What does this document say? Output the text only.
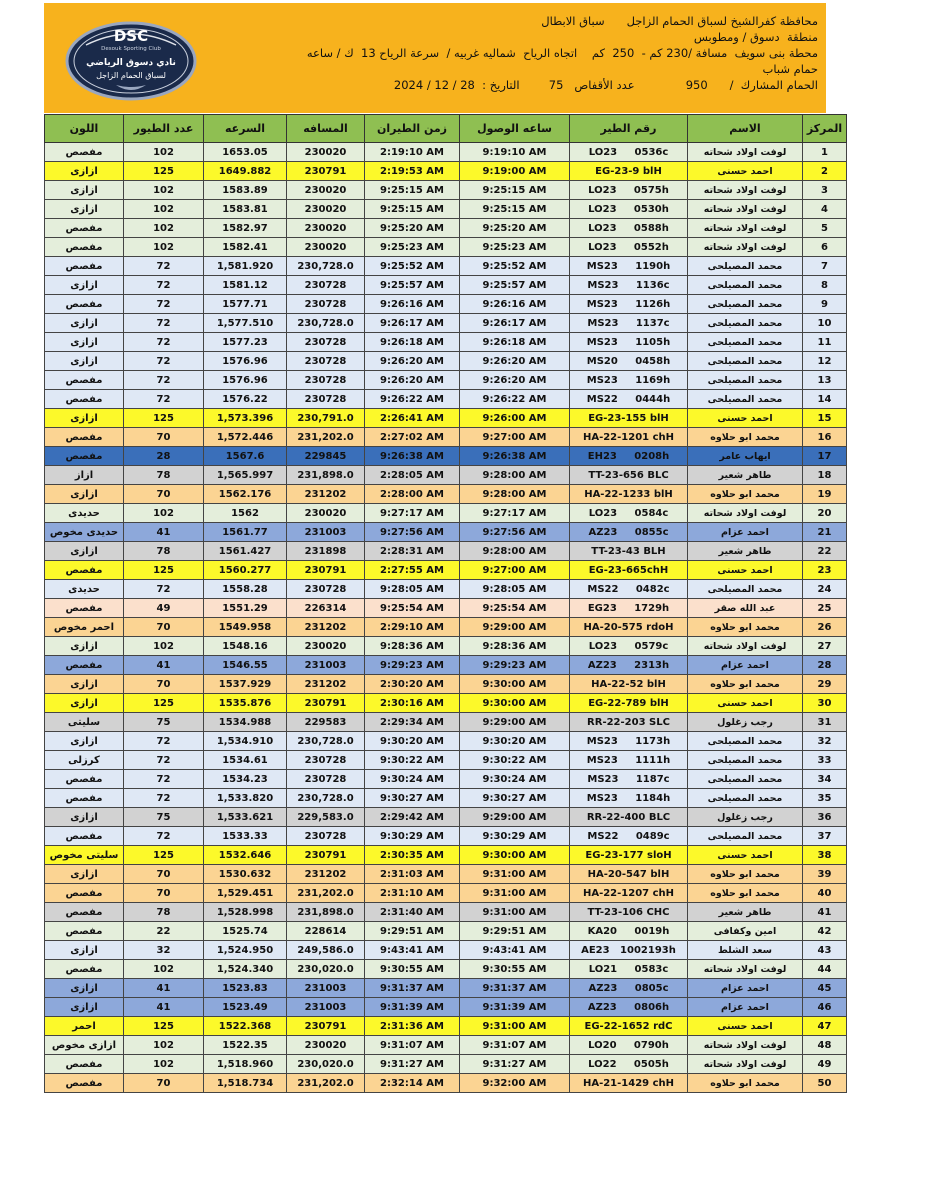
DSC
Desouk Sporting Club
نادي دسوق الرياضي
لسباق الحمام الزاجل
محافظة كفرالشيخ لسباق الحمام الزاجل      سباق الابطال
منطقة  دسوق / ومطوبس
محطة بنى سويف  مسافة /230 كم -  250  كم    اتجاه الرياح  شماليه غربيه /  سرعة الرياح 13  ك / ساعه
حمام شباب
الحمام المشارك  /      950              عدد الأقفاص   75        التاريخ :  28 / 12 / 2024
اللون	عدد الطيور	السرعه	المسافه	زمن الطيران	ساعه الوصول	رقم الطير	الاسم	المركز
مفصص	102	1653.05	230020	2:19:10 AM	9:19:10 AM	LO23     0536c	لوفت اولاد شحاته	1
ازازى	125	1649.882	230791	2:19:53 AM	9:19:00 AM	EG-23-9 blH	احمد حسنى	2
ازازى	102	1583.89	230020	9:25:15 AM	9:25:15 AM	LO23     0575h	لوفت اولاد شحاته	3
ازازى	102	1583.81	230020	9:25:15 AM	9:25:15 AM	LO23     0530h	لوفت اولاد شحاته	4
مفصص	102	1582.97	230020	9:25:20 AM	9:25:20 AM	LO23     0588h	لوفت اولاد شحاته	5
مفصص	102	1582.41	230020	9:25:23 AM	9:25:23 AM	LO23     0552h	لوفت اولاد شحاته	6
مفصص	72	1,581.920	230,728.0	9:25:52 AM	9:25:52 AM	MS23     1190h	محمد المصيلحى	7
ازازى	72	1581.12	230728	9:25:57 AM	9:25:57 AM	MS23     1136c	محمد المصيلحى	8
مفصص	72	1577.71	230728	9:26:16 AM	9:26:16 AM	MS23     1126h	محمد المصيلحى	9
ازازى	72	1,577.510	230,728.0	9:26:17 AM	9:26:17 AM	MS23     1137c	محمد المصيلحى	10
ازازى	72	1577.23	230728	9:26:18 AM	9:26:18 AM	MS23     1105h	محمد المصيلحى	11
ازازى	72	1576.96	230728	9:26:20 AM	9:26:20 AM	MS20     0458h	محمد المصيلحى	12
مفصص	72	1576.96	230728	9:26:20 AM	9:26:20 AM	MS23     1169h	محمد المصيلحى	13
مفصص	72	1576.22	230728	9:26:22 AM	9:26:22 AM	MS22     0444h	محمد المصيلحى	14
ازازى	125	1,573.396	230,791.0	2:26:41 AM	9:26:00 AM	EG-23-155 blH	احمد حسنى	15
مفصص	70	1,572.446	231,202.0	2:27:02 AM	9:27:00 AM	HA-22-1201 chH	محمد ابو حلاوه	16
مفصص	28	1567.6	229845	9:26:38 AM	9:26:38 AM	EH23     0208h	ايهاب عامر	17
ازاز	78	1,565.997	231,898.0	2:28:05 AM	9:28:00 AM	TT-23-656 BLC	طاهر شعير	18
ازازى	70	1562.176	231202	2:28:00 AM	9:28:00 AM	HA-22-1233 blH	محمد ابو حلاوه	19
حديدى	102	1562	230020	9:27:17 AM	9:27:17 AM	LO23     0584c	لوفت اولاد شحاته	20
حديدى مخوص	41	1561.77	231003	9:27:56 AM	9:27:56 AM	AZ23     0855c	احمد عزام	21
ازازى	78	1561.427	231898	2:28:31 AM	9:28:00 AM	TT-23-43 BLH	طاهر شعير	22
مفصص	125	1560.277	230791	2:27:55 AM	9:27:00 AM	EG-23-665chH	احمد حسنى	23
حديدى	72	1558.28	230728	9:28:05 AM	9:28:05 AM	MS22     0482c	محمد المصيلحى	24
مفصص	49	1551.29	226314	9:25:54 AM	9:25:54 AM	EG23     1729h	عبد الله صقر	25
احمر مخوص	70	1549.958	231202	2:29:10 AM	9:29:00 AM	HA-20-575 rdoH	محمد ابو حلاوه	26
ازازى	102	1548.16	230020	9:28:36 AM	9:28:36 AM	LO23     0579c	لوفت اولاد شحاته	27
مفصص	41	1546.55	231003	9:29:23 AM	9:29:23 AM	AZ23     2313h	احمد عزام	28
ازازى	70	1537.929	231202	2:30:20 AM	9:30:00 AM	HA-22-52 blH	محمد ابو حلاوه	29
ازازى	125	1535.876	230791	2:30:16 AM	9:30:00 AM	EG-22-789 blH	احمد حسنى	30
سليتى	75	1534.988	229583	2:29:34 AM	9:29:00 AM	RR-22-203 SLC	رجب زغلول	31
ازازى	72	1,534.910	230,728.0	9:30:20 AM	9:30:20 AM	MS23     1173h	محمد المصيلحى	32
كرزلى	72	1534.61	230728	9:30:22 AM	9:30:22 AM	MS23     1111h	محمد المصيلحى	33
مفصص	72	1534.23	230728	9:30:24 AM	9:30:24 AM	MS23     1187c	محمد المصيلحى	34
مفصص	72	1,533.820	230,728.0	9:30:27 AM	9:30:27 AM	MS23     1184h	محمد المصيلحى	35
ازازى	75	1,533.621	229,583.0	2:29:42 AM	9:29:00 AM	RR-22-400 BLC	رجب زغلول	36
مفصص	72	1533.33	230728	9:30:29 AM	9:30:29 AM	MS22     0489c	محمد المصيلحى	37
سليتى مخوص	125	1532.646	230791	2:30:35 AM	9:30:00 AM	EG-23-177 sloH	احمد حسنى	38
ازازى	70	1530.632	231202	2:31:03 AM	9:31:00 AM	HA-20-547 blH	محمد ابو حلاوه	39
مفصص	70	1,529.451	231,202.0	2:31:10 AM	9:31:00 AM	HA-22-1207 chH	محمد ابو حلاوه	40
مفصص	78	1,528.998	231,898.0	2:31:40 AM	9:31:00 AM	TT-23-106 CHC	طاهر شعير	41
مفصص	22	1525.74	228614	9:29:51 AM	9:29:51 AM	KA20     0019h	امين وكفافى	42
ازازى	32	1,524.950	249,586.0	9:43:41 AM	9:43:41 AM	AE23   1002193h	سعد الشلط	43
مفصص	102	1,524.340	230,020.0	9:30:55 AM	9:30:55 AM	LO21     0583c	لوفت اولاد شحاته	44
ازازى	41	1523.83	231003	9:31:37 AM	9:31:37 AM	AZ23     0805c	احمد عزام	45
ازازى	41	1523.49	231003	9:31:39 AM	9:31:39 AM	AZ23     0806h	احمد عزام	46
احمر	125	1522.368	230791	2:31:36 AM	9:31:00 AM	EG-22-1652 rdC	احمد حسنى	47
ازازى مخوص	102	1522.35	230020	9:31:07 AM	9:31:07 AM	LO20     0790h	لوفت اولاد شحاته	48
مفصص	102	1,518.960	230,020.0	9:31:27 AM	9:31:27 AM	LO22     0505h	لوفت اولاد شحاته	49
مفصص	70	1,518.734	231,202.0	2:32:14 AM	9:32:00 AM	HA-21-1429 chH	محمد ابو حلاوه	50
